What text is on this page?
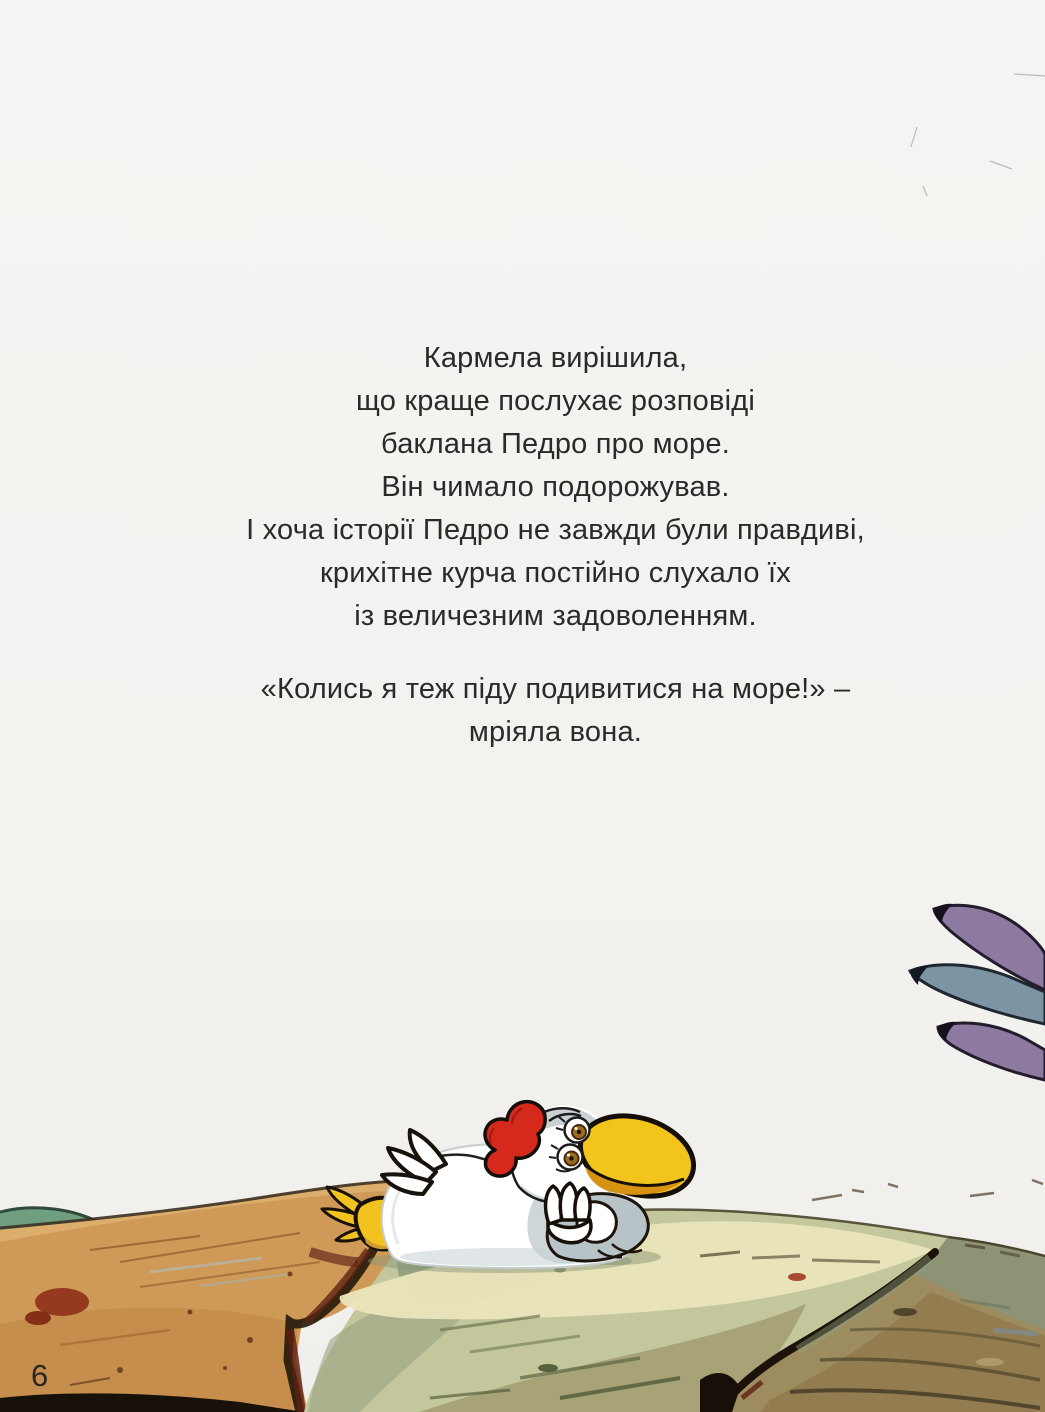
Кармела вирішила,
що краще послухає розповіді
баклана Педро про море.
Він чимало подорожував.
І хоча історії Педро не завжди були правдиві,
крихітне курча постійно слухало їх
із величезним задоволенням.

«Колись я теж піду подивитися на море!» –
мріяла вона.

6
